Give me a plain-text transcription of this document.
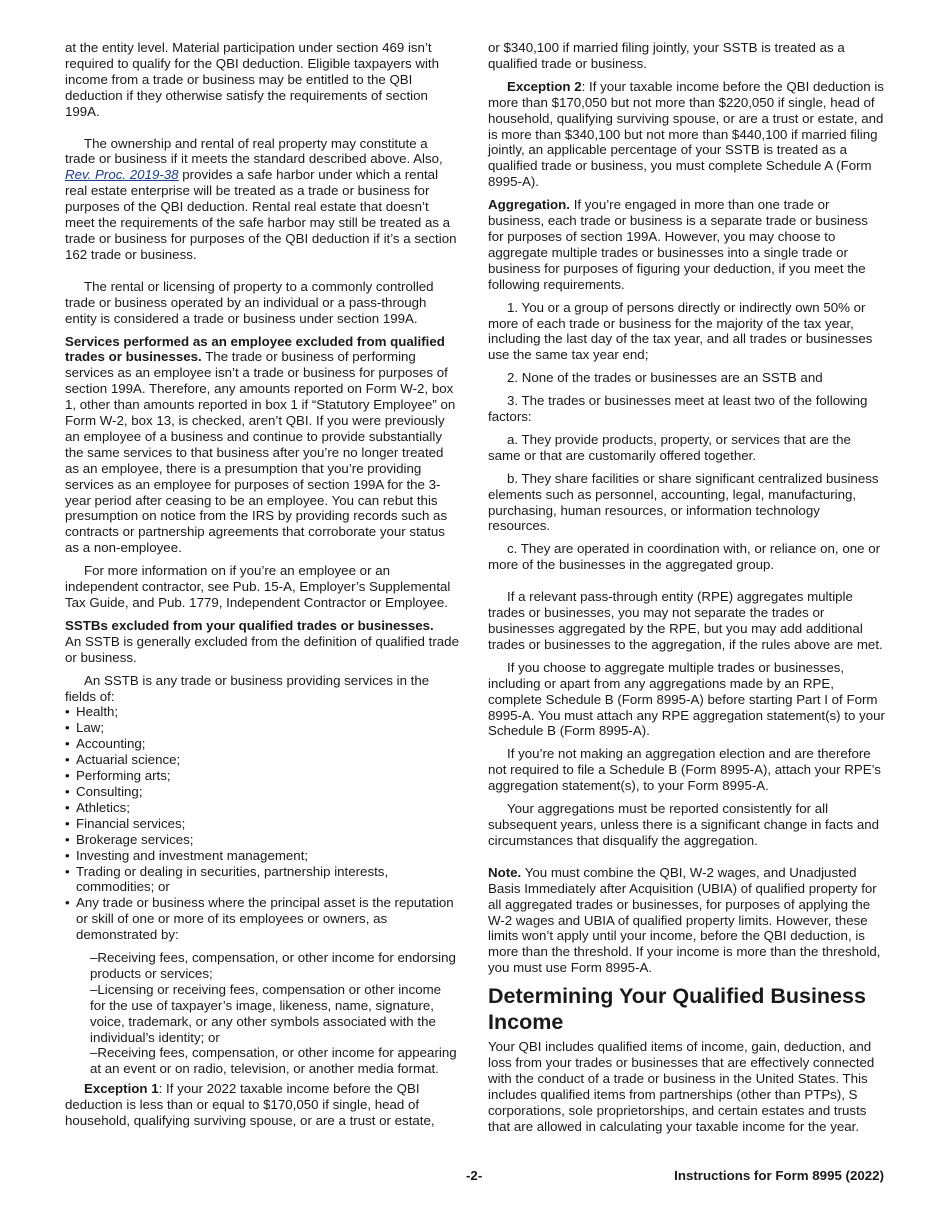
at the entity level. Material participation under section 469 isn’t required to qualify for the QBI deduction. Eligible taxpayers with income from a trade or business may be entitled to the QBI deduction if they otherwise satisfy the requirements of section 199A.

The ownership and rental of real property may constitute a trade or business if it meets the standard described above. Also, Rev. Proc. 2019-38 provides a safe harbor under which a rental real estate enterprise will be treated as a trade or business for purposes of the QBI deduction. Rental real estate that doesn’t meet the requirements of the safe harbor may still be treated as a trade or business for purposes of the QBI deduction if it’s a section 162 trade or business.

The rental or licensing of property to a commonly controlled trade or business operated by an individual or a pass-through entity is considered a trade or business under section 199A.

Services performed as an employee excluded from qualified trades or businesses. The trade or business of performing services as an employee isn’t a trade or business for purposes of section 199A. Therefore, any amounts reported on Form W-2, box 1, other than amounts reported in box 1 if “Statutory Employee” on Form W-2, box 13, is checked, aren’t QBI. If you were previously an employee of a business and continue to provide substantially the same services to that business after you’re no longer treated as an employee, there is a presumption that you’re providing services as an employee for purposes of section 199A for the 3-year period after ceasing to be an employee. You can rebut this presumption on notice from the IRS by providing records such as contracts or partnership agreements that corroborate your status as a non-employee.

For more information on if you’re an employee or an independent contractor, see Pub. 15-A, Employer’s Supplemental Tax Guide, and Pub. 1779, Independent Contractor or Employee.

SSTBs excluded from your qualified trades or businesses.
An SSTB is generally excluded from the definition of qualified trade or business.

An SSTB is any trade or business providing services in the fields of:

• Health;
• Law;
• Accounting;
• Actuarial science;
• Performing arts;
• Consulting;
• Athletics;
• Financial services;
• Brokerage services;
• Investing and investment management;
• Trading or dealing in securities, partnership interests, commodities; or
• Any trade or business where the principal asset is the reputation or skill of one or more of its employees or owners, as demonstrated by:

–Receiving fees, compensation, or other income for endorsing products or services;

–Licensing or receiving fees, compensation or other income for the use of taxpayer’s image, likeness, name, signature, voice, trademark, or any other symbols associated with the individual’s identity; or

–Receiving fees, compensation, or other income for appearing at an event or on radio, television, or another media format.

Exception 1: If your 2022 taxable income before the QBI deduction is less than or equal to $170,050 if single, head of household, qualifying surviving spouse, or are a trust or estate,

or $340,100 if married filing jointly, your SSTB is treated as a qualified trade or business.

Exception 2: If your taxable income before the QBI deduction is more than $170,050 but not more than $220,050 if single, head of household, qualifying surviving spouse, or are a trust or estate, and is more than $340,100 but not more than $440,100 if married filing jointly, an applicable percentage of your SSTB is treated as a qualified trade or business, you must complete Schedule A (Form 8995-A).

Aggregation. If you’re engaged in more than one trade or business, each trade or business is a separate trade or business for purposes of section 199A. However, you may choose to aggregate multiple trades or businesses into a single trade or business for purposes of figuring your deduction, if you meet the following requirements.

1. You or a group of persons directly or indirectly own 50% or more of each trade or business for the majority of the tax year, including the last day of the tax year, and all trades or businesses use the same tax year end;

2. None of the trades or businesses are an SSTB and

3. The trades or businesses meet at least two of the following factors:

a. They provide products, property, or services that are the same or that are customarily offered together.

b. They share facilities or share significant centralized business elements such as personnel, accounting, legal, manufacturing, purchasing, human resources, or information technology resources.

c. They are operated in coordination with, or reliance on, one or more of the businesses in the aggregated group.

If a relevant pass-through entity (RPE) aggregates multiple trades or businesses, you may not separate the trades or businesses aggregated by the RPE, but you may add additional trades or businesses to the aggregation, if the rules above are met.

If you choose to aggregate multiple trades or businesses, including or apart from any aggregations made by an RPE, complete Schedule B (Form 8995-A) before starting Part I of Form 8995-A. You must attach any RPE aggregation statement(s) to your Schedule B (Form 8995-A).

If you’re not making an aggregation election and are therefore not required to file a Schedule B (Form 8995-A), attach your RPE’s aggregation statement(s), to your Form 8995-A.

Your aggregations must be reported consistently for all subsequent years, unless there is a significant change in facts and circumstances that disqualify the aggregation.

Note. You must combine the QBI, W-2 wages, and Unadjusted Basis Immediately after Acquisition (UBIA) of qualified property for all aggregated trades or businesses, for purposes of applying the W-2 wages and UBIA of qualified property limits. However, these limits won’t apply until your income, before the QBI deduction, is more than the threshold. If your income is more than the threshold, you must use Form 8995-A.

Determining Your Qualified Business Income

Your QBI includes qualified items of income, gain, deduction, and loss from your trades or businesses that are effectively connected with the conduct of a trade or business in the United States. This includes qualified items from partnerships (other than PTPs), S corporations, sole proprietorships, and certain estates and trusts that are allowed in calculating your taxable income for the year.

-2-	Instructions for Form 8995 (2022)
